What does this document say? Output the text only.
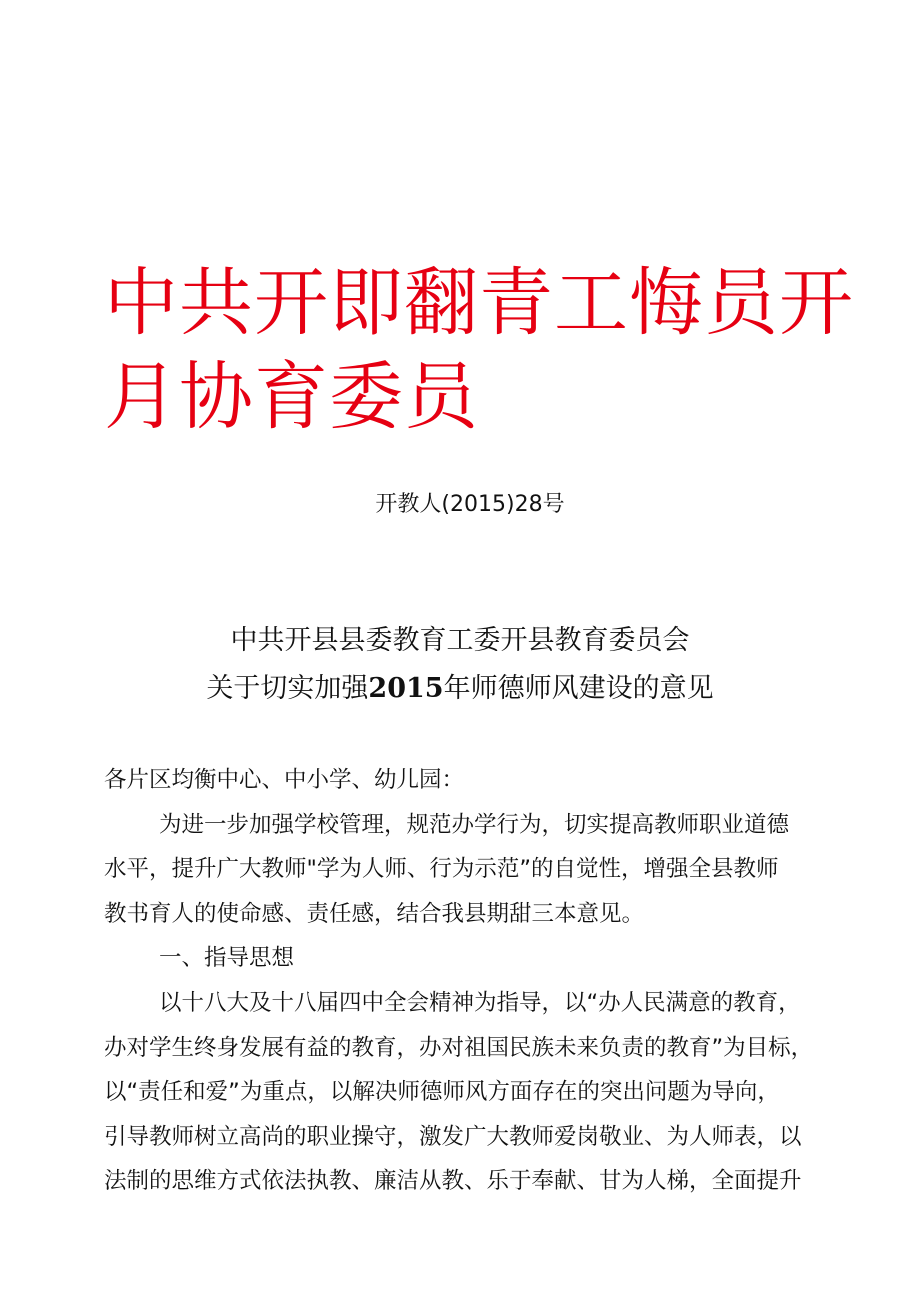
中共开即翻青工悔员开
月协育委员
开教人(2015)28号
中共开县县委教育工委开县教育委员会
关于切实加强2015年师德师风建设的意见
各片区均衡中心、中小学、幼儿园：
为进一步加强学校管理，规范办学行为，切实提高教师职业道德
水平，提升广大教师"学为人师、行为示范”的自觉性，增强全县教师
教书育人的使命感、责任感，结合我县期甜三本意见。
一、指导思想
以十八大及十八届四中全会精神为指导，以“办人民满意的教育，
办对学生终身发展有益的教育，办对祖国民族未来负责的教育”为目标，
以“责任和爱”为重点，以解决师德师风方面存在的突出问题为导向，
引导教师树立高尚的职业操守，激发广大教师爱岗敬业、为人师表，以
法制的思维方式依法执教、廉洁从教、乐于奉献、甘为人梯，全面提升
